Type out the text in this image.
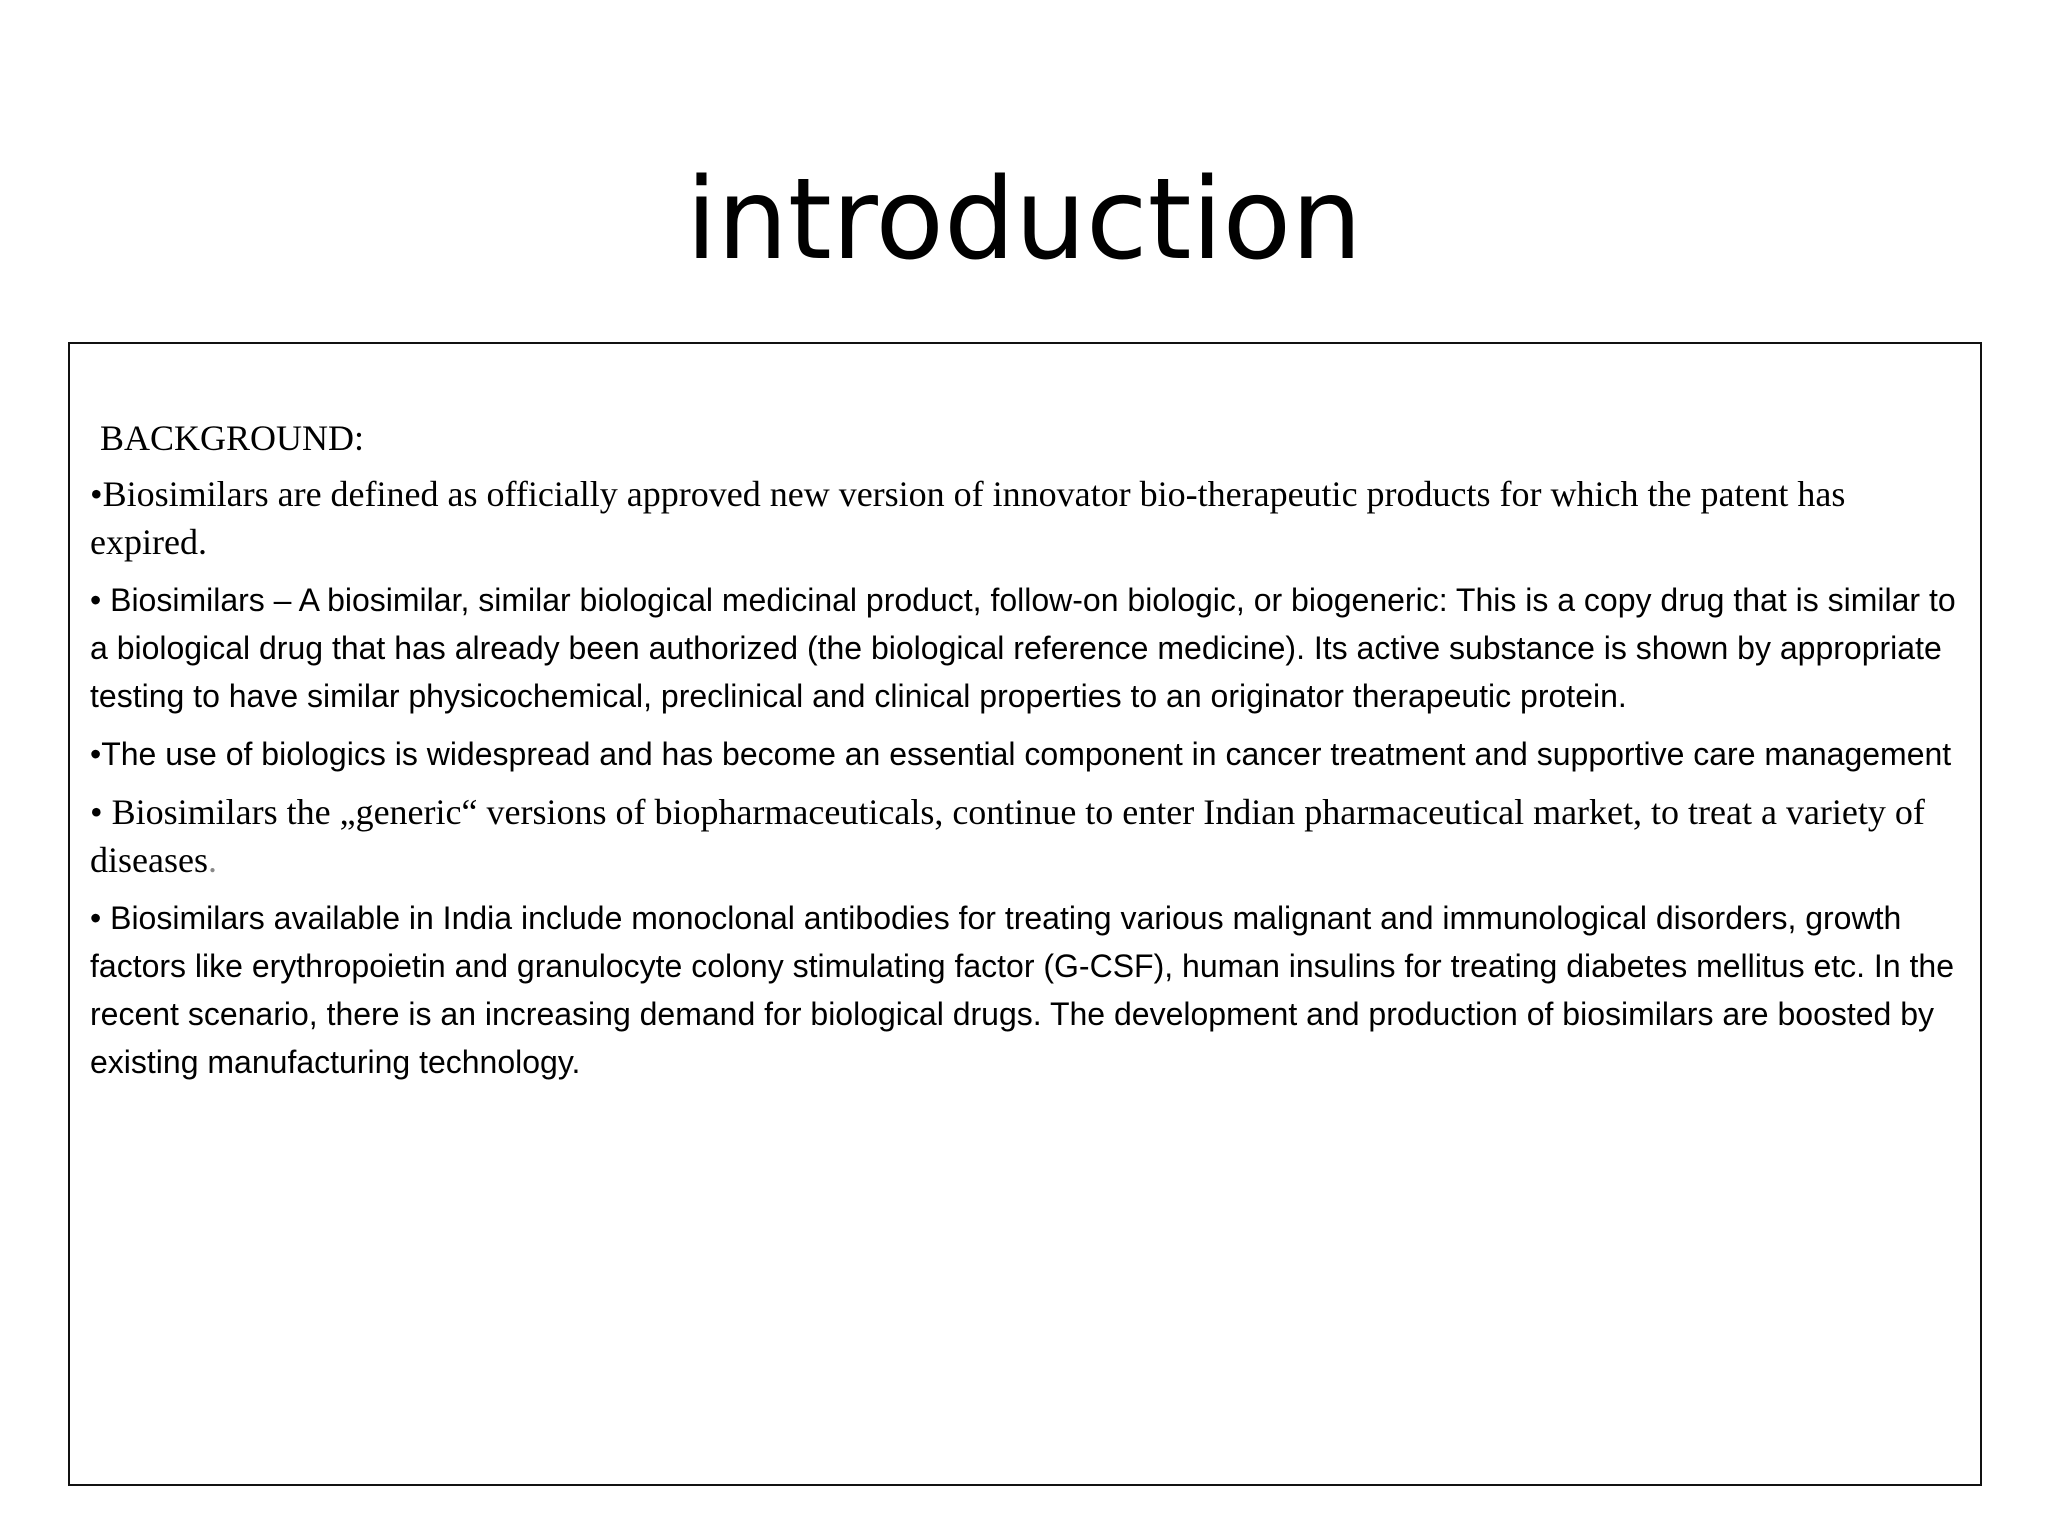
introduction

BACKGROUND:

•Biosimilars are defined as officially approved new version of innovator bio-therapeutic products for which the patent has expired.

• Biosimilars – A biosimilar, similar biological medicinal product, follow-on biologic, or biogeneric: This is a copy drug that is similar to a biological drug that has already been authorized (the biological reference medicine). Its active substance is shown by appropriate testing to have similar physicochemical, preclinical and clinical properties to an originator therapeutic protein.

•The use of biologics is widespread and has become an essential component in cancer treatment and supportive care management

• Biosimilars the „generic“ versions of biopharmaceuticals, continue to enter Indian pharmaceutical market, to treat a variety of diseases.

• Biosimilars available in India include monoclonal antibodies for treating various malignant and immunological disorders, growth factors like erythropoietin and granulocyte colony stimulating factor (G-CSF), human insulins for treating diabetes mellitus etc. In the recent scenario, there is an increasing demand for biological drugs. The development and production of biosimilars are boosted by existing manufacturing technology.
